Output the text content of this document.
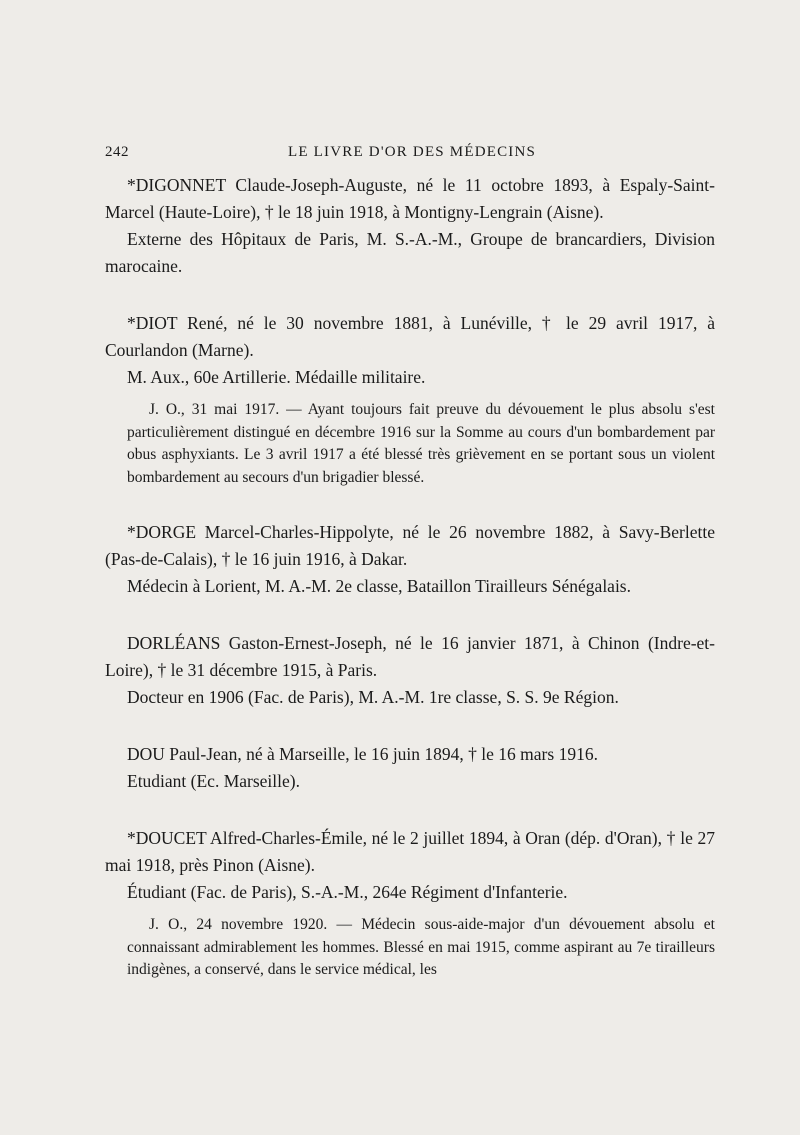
242	LE LIVRE D'OR DES MÉDECINS

*DIGONNET Claude-Joseph-Auguste, né le 11 octobre 1893, à Espaly-Saint-Marcel (Haute-Loire), † le 18 juin 1918, à Montigny-Lengrain (Aisne).

Externe des Hôpitaux de Paris, M. S.-A.-M., Groupe de brancardiers, Division marocaine.

*DIOT René, né le 30 novembre 1881, à Lunéville, † le 29 avril 1917, à Courlandon (Marne).

M. Aux., 60e Artillerie. Médaille militaire.

J. O., 31 mai 1917. — Ayant toujours fait preuve du dévouement le plus absolu s'est particulièrement distingué en décembre 1916 sur la Somme au cours d'un bombardement par obus asphyxiants. Le 3 avril 1917 a été blessé très grièvement en se portant sous un violent bombardement au secours d'un brigadier blessé.

*DORGE Marcel-Charles-Hippolyte, né le 26 novembre 1882, à Savy-Berlette (Pas-de-Calais), † le 16 juin 1916, à Dakar.

Médecin à Lorient, M. A.-M. 2e classe, Bataillon Tirailleurs Sénégalais.

DORLÉANS Gaston-Ernest-Joseph, né le 16 janvier 1871, à Chinon (Indre-et-Loire), † le 31 décembre 1915, à Paris.

Docteur en 1906 (Fac. de Paris), M. A.-M. 1re classe, S. S. 9e Région.

DOU Paul-Jean, né à Marseille, le 16 juin 1894, † le 16 mars 1916.

Etudiant (Ec. Marseille).

*DOUCET Alfred-Charles-Émile, né le 2 juillet 1894, à Oran (dép. d'Oran), † le 27 mai 1918, près Pinon (Aisne).

Étudiant (Fac. de Paris), S.-A.-M., 264e Régiment d'Infanterie.

J. O., 24 novembre 1920. — Médecin sous-aide-major d'un dévouement absolu et connaissant admirablement les hommes. Blessé en mai 1915, comme aspirant au 7e tirailleurs indigènes, a conservé, dans le service médical, les
